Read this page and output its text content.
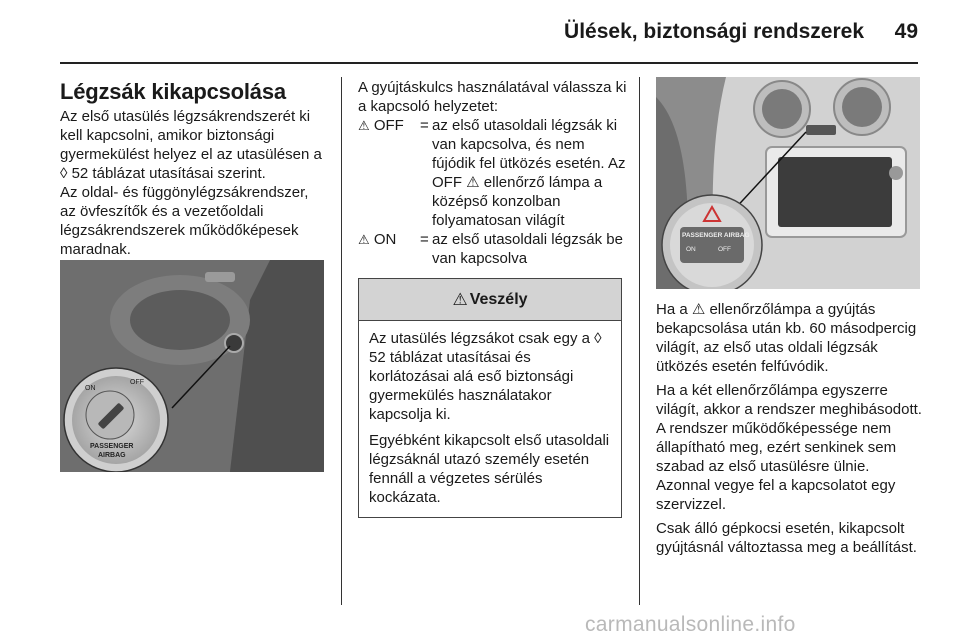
Ülések, biztonsági rendszerek 49
Légzsák kikapcsolása

Az első utasülés légzsákrendszerét ki kell kapcsolni, amikor biztonsági gyermekülést helyez el az utasülésen a ◊ 52 táblázat utasításai szerint.

Az oldal- és függönylégzsákrendszer, az övfeszítők és a vezetőoldali légzsákrendszerek működőképesek maradnak.

ON
OFF
PASSENGER
AIRBAG

A gyújtáskulcs használatával válassza ki a kapcsoló helyzetet:

⚠ OFF	= az első utasoldali légzsák ki van kapcsolva, és nem fújódik fel ütközés esetén. Az OFF ⚠ ellenőrző lámpa a középső konzolban folyamatosan világít
⚠ ON	= az első utasoldali légzsák be van kapcsolva
⚠ Veszély

Az utasülés légzsákot csak egy a ◊ 52 táblázat utasításai és korlátozásai alá eső biztonsági gyermekülés használatakor kapcsolja ki.

Egyébként kikapcsolt első utasoldali légzsáknál utazó személy esetén fennáll a végzetes sérülés kockázata.

PASSENGER AIRBAG
ON	OFF

Ha a ⚠ ellenőrzőlámpa a gyújtás bekapcsolása után kb. 60 másodpercig világít, az első utas oldali légzsák ütközés esetén felfúvódik.

Ha a két ellenőrzőlámpa egyszerre világít, akkor a rendszer meghibásodott. A rendszer működőképessége nem állapítható meg, ezért senkinek sem szabad az első utasülésre ülnie. Azonnal vegye fel a kapcsolatot egy szervizzel.

Csak álló gépkocsi esetén, kikapcsolt gyújtásnál változtassa meg a beállítást.

carmanualsonline.info
